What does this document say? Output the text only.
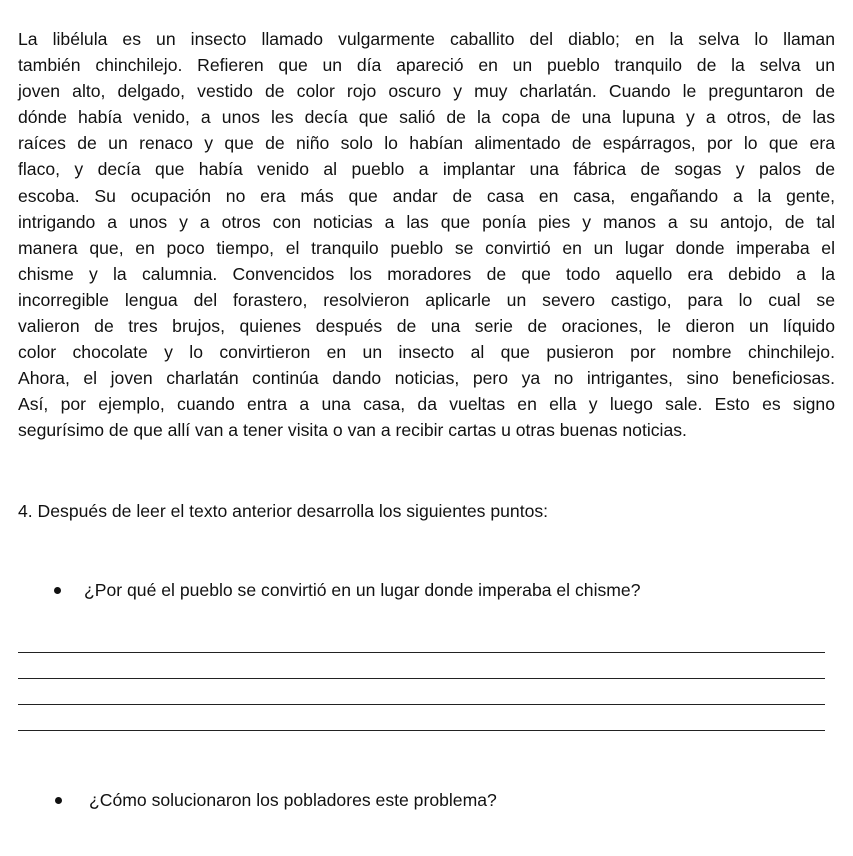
La libélula es un insecto llamado vulgarmente caballito del diablo; en la selva lo llaman
también chinchilejo. Refieren que un día apareció en un pueblo tranquilo de la selva un
joven alto, delgado, vestido de color rojo oscuro y muy charlatán. Cuando le preguntaron de
dónde había venido, a unos les decía que salió de la copa de una lupuna y a otros, de las
raíces de un renaco y que de niño solo lo habían alimentado de espárragos, por lo que era
flaco, y decía que había venido al pueblo a implantar una fábrica de sogas y palos de
escoba. Su ocupación no era más que andar de casa en casa, engañando a la gente,
intrigando a unos y a otros con noticias a las que ponía pies y manos a su antojo, de tal
manera que, en poco tiempo, el tranquilo pueblo se convirtió en un lugar donde imperaba el
chisme y la calumnia. Convencidos los moradores de que todo aquello era debido a la
incorregible lengua del forastero, resolvieron aplicarle un severo castigo, para lo cual se
valieron de tres brujos, quienes después de una serie de oraciones, le dieron un líquido
color chocolate y lo convirtieron en un insecto al que pusieron por nombre chinchilejo.
Ahora, el joven charlatán continúa dando noticias, pero ya no intrigantes, sino beneficiosas.
Así, por ejemplo, cuando entra a una casa, da vueltas en ella y luego sale. Esto es signo
segurísimo de que allí van a tener visita o van a recibir cartas u otras buenas noticias.

4. Después de leer el texto anterior desarrolla los siguientes puntos:

¿Por qué el pueblo se convirtió en un lugar donde imperaba el chisme?

¿Cómo solucionaron los pobladores este problema?
